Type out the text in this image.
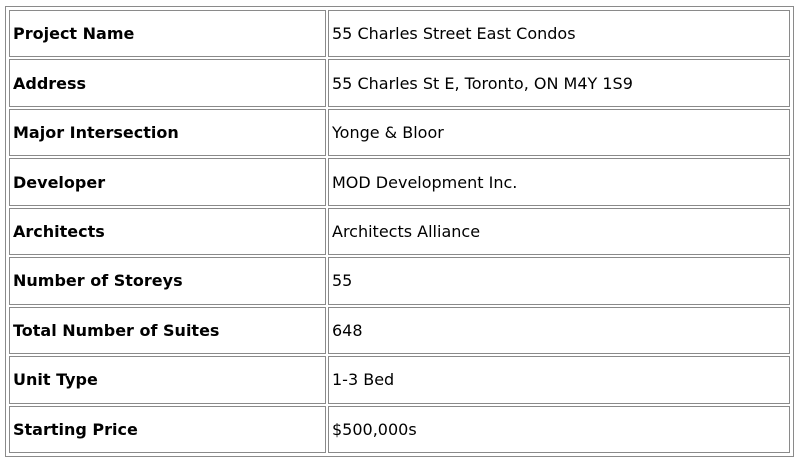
Project Name	55 Charles Street East Condos
Address	55 Charles St E, Toronto, ON M4Y 1S9
Major Intersection	Yonge & Bloor
Developer	MOD Development Inc.
Architects	Architects Alliance
Number of Storeys	55
Total Number of Suites	648
Unit Type	1-3 Bed
Starting Price	$500,000s
